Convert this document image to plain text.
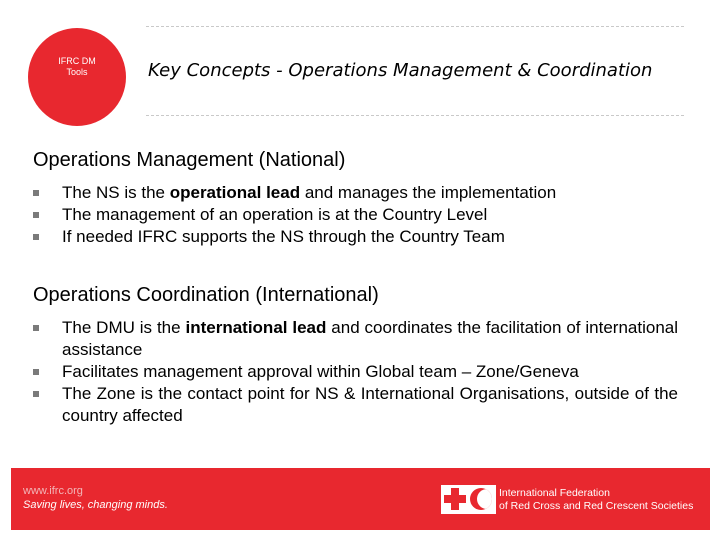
IFRC DM
Tools	Key Concepts - Operations Management & Coordination
Operations Management (National)
The NS is the operational lead and manages the implementation
The management of an operation is at the Country Level
If needed IFRC supports the NS through the Country Team
Operations Coordination (International)
The DMU is the international lead and coordinates the facilitation of international assistance
Facilitates management approval within Global team – Zone/Geneva
The Zone is the contact point for NS & International Organisations, outside of the country affected
www.ifrc.org
Saving lives, changing minds.
International Federation
of Red Cross and Red Crescent Societies
